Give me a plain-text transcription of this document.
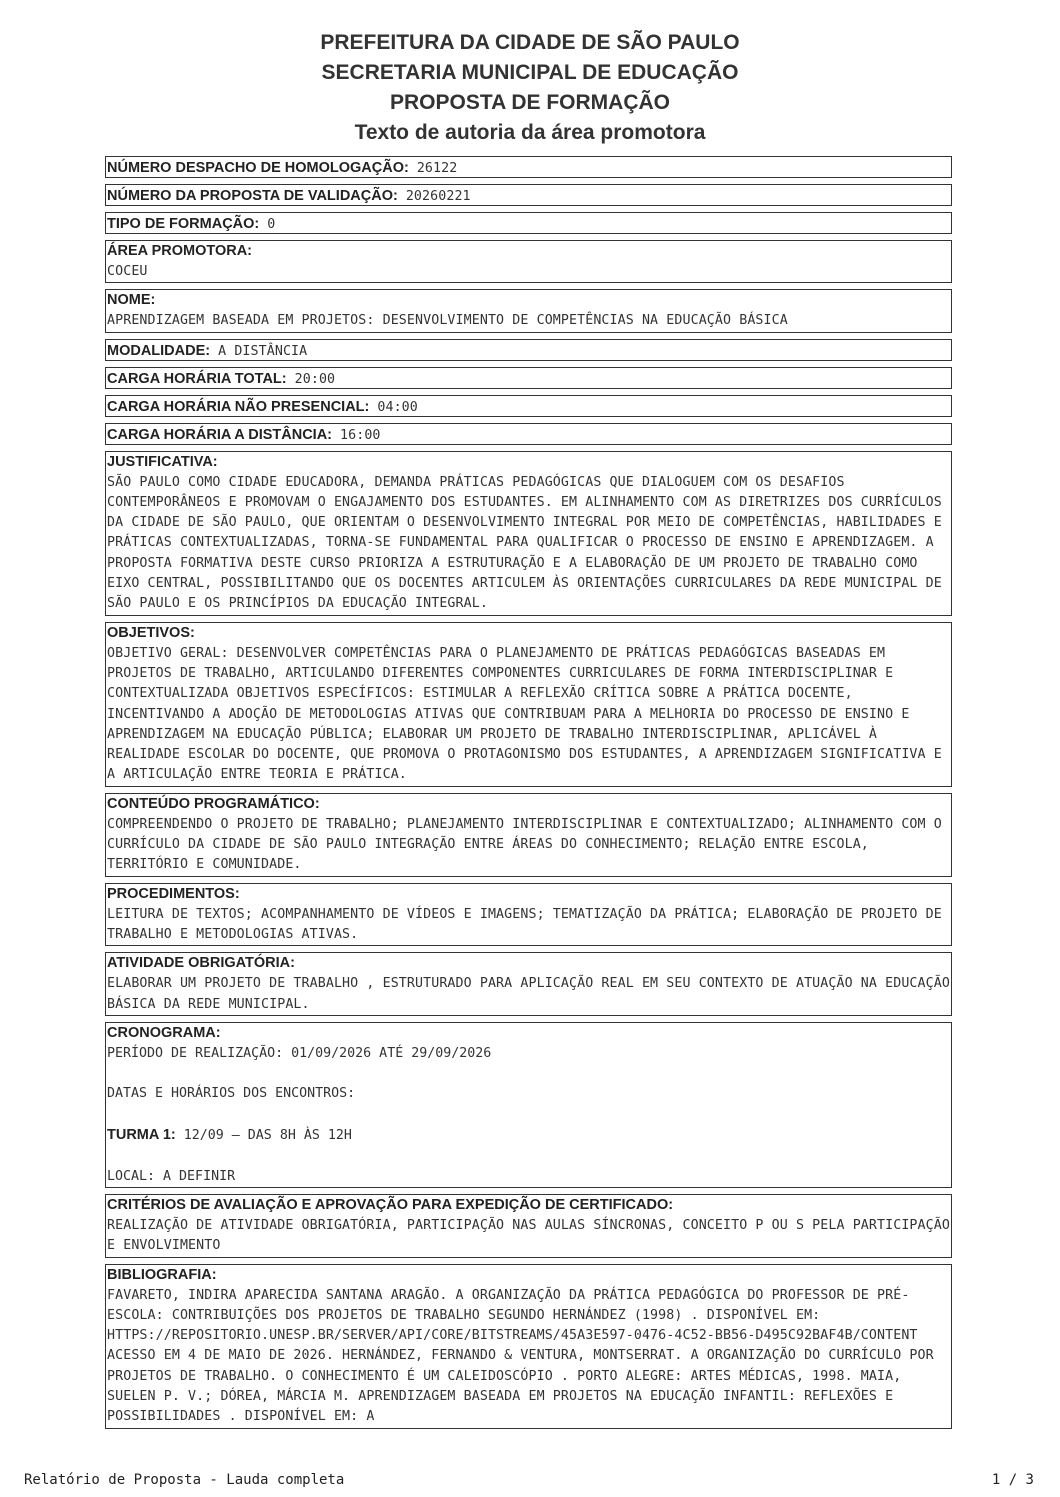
PREFEITURA DA CIDADE DE SÃO PAULO
SECRETARIA MUNICIPAL DE EDUCAÇÃO
PROPOSTA DE FORMAÇÃO
Texto de autoria da área promotora
NÚMERO DESPACHO DE HOMOLOGAÇÃO: 26122
NÚMERO DA PROPOSTA DE VALIDAÇÃO: 20260221
TIPO DE FORMAÇÃO: 0
ÁREA PROMOTORA:
COCEU
NOME:
APRENDIZAGEM BASEADA EM PROJETOS: DESENVOLVIMENTO DE COMPETÊNCIAS NA EDUCAÇÃO BÁSICA
MODALIDADE: A DISTÂNCIA
CARGA HORÁRIA TOTAL: 20:00
CARGA HORÁRIA NÃO PRESENCIAL: 04:00
CARGA HORÁRIA A DISTÂNCIA: 16:00
JUSTIFICATIVA:
SÃO PAULO COMO CIDADE EDUCADORA, DEMANDA PRÁTICAS PEDAGÓGICAS QUE DIALOGUEM COM OS DESAFIOS CONTEMPORÂNEOS E PROMOVAM O ENGAJAMENTO DOS ESTUDANTES. EM ALINHAMENTO COM AS DIRETRIZES DOS CURRÍCULOS DA CIDADE DE SÃO PAULO, QUE ORIENTAM O DESENVOLVIMENTO INTEGRAL POR MEIO DE COMPETÊNCIAS, HABILIDADES E PRÁTICAS CONTEXTUALIZADAS, TORNA-SE FUNDAMENTAL PARA QUALIFICAR O PROCESSO DE ENSINO E APRENDIZAGEM. A PROPOSTA FORMATIVA DESTE CURSO PRIORIZA A ESTRUTURAÇÃO E A ELABORAÇÃO DE UM PROJETO DE TRABALHO COMO EIXO CENTRAL, POSSIBILITANDO QUE OS DOCENTES ARTICULEM ÀS ORIENTAÇÕES CURRICULARES DA REDE MUNICIPAL DE SÃO PAULO E OS PRINCÍPIOS DA EDUCAÇÃO INTEGRAL.
OBJETIVOS:
OBJETIVO GERAL: DESENVOLVER COMPETÊNCIAS PARA O PLANEJAMENTO DE PRÁTICAS PEDAGÓGICAS BASEADAS EM PROJETOS DE TRABALHO, ARTICULANDO DIFERENTES COMPONENTES CURRICULARES DE FORMA INTERDISCIPLINAR E CONTEXTUALIZADA OBJETIVOS ESPECÍFICOS: ESTIMULAR A REFLEXÃO CRÍTICA SOBRE A PRÁTICA DOCENTE, INCENTIVANDO A ADOÇÃO DE METODOLOGIAS ATIVAS QUE CONTRIBUAM PARA A MELHORIA DO PROCESSO DE ENSINO E APRENDIZAGEM NA EDUCAÇÃO PÚBLICA; ELABORAR UM PROJETO DE TRABALHO INTERDISCIPLINAR, APLICÁVEL À REALIDADE ESCOLAR DO DOCENTE, QUE PROMOVA O PROTAGONISMO DOS ESTUDANTES, A APRENDIZAGEM SIGNIFICATIVA E A ARTICULAÇÃO ENTRE TEORIA E PRÁTICA.
CONTEÚDO PROGRAMÁTICO:
COMPREENDENDO O PROJETO DE TRABALHO; PLANEJAMENTO INTERDISCIPLINAR E CONTEXTUALIZADO; ALINHAMENTO COM O CURRÍCULO DA CIDADE DE SÃO PAULO INTEGRAÇÃO ENTRE ÁREAS DO CONHECIMENTO; RELAÇÃO ENTRE ESCOLA, TERRITÓRIO E COMUNIDADE.
PROCEDIMENTOS:
LEITURA DE TEXTOS; ACOMPANHAMENTO DE VÍDEOS E IMAGENS; TEMATIZAÇÃO DA PRÁTICA; ELABORAÇÃO DE PROJETO DE TRABALHO E METODOLOGIAS ATIVAS.
ATIVIDADE OBRIGATÓRIA:
ELABORAR UM PROJETO DE TRABALHO , ESTRUTURADO PARA APLICAÇÃO REAL EM SEU CONTEXTO DE ATUAÇÃO NA EDUCAÇÃO BÁSICA DA REDE MUNICIPAL.
CRONOGRAMA:
PERÍODO DE REALIZAÇÃO: 01/09/2026 ATÉ 29/09/2026
DATAS E HORÁRIOS DOS ENCONTROS:
TURMA 1: 12/09 – DAS 8H ÀS 12H
LOCAL: A DEFINIR
CRITÉRIOS DE AVALIAÇÃO E APROVAÇÃO PARA EXPEDIÇÃO DE CERTIFICADO:
REALIZAÇÃO DE ATIVIDADE OBRIGATÓRIA, PARTICIPAÇÃO NAS AULAS SÍNCRONAS, CONCEITO P OU S PELA PARTICIPAÇÃO E ENVOLVIMENTO
BIBLIOGRAFIA:
FAVARETO, INDIRA APARECIDA SANTANA ARAGÃO. A ORGANIZAÇÃO DA PRÁTICA PEDAGÓGICA DO PROFESSOR DE PRÉ-ESCOLA: CONTRIBUIÇÕES DOS PROJETOS DE TRABALHO SEGUNDO HERNÁNDEZ (1998) . DISPONÍVEL EM: HTTPS://REPOSITORIO.UNESP.BR/SERVER/API/CORE/BITSTREAMS/45A3E597-0476-4C52-BB56-D495C92BAF4B/CONTENT ACESSO EM 4 DE MAIO DE 2026. HERNÁNDEZ, FERNANDO & VENTURA, MONTSERRAT. A ORGANIZAÇÃO DO CURRÍCULO POR PROJETOS DE TRABALHO. O CONHECIMENTO É UM CALEIDOSCÓPIO . PORTO ALEGRE: ARTES MÉDICAS, 1998. MAIA, SUELEN P. V.; DÓREA, MÁRCIA M. APRENDIZAGEM BASEADA EM PROJETOS NA EDUCAÇÃO INFANTIL: REFLEXÕES E POSSIBILIDADES . DISPONÍVEL EM: A
Relatório de Proposta - Lauda completa	1 / 3
